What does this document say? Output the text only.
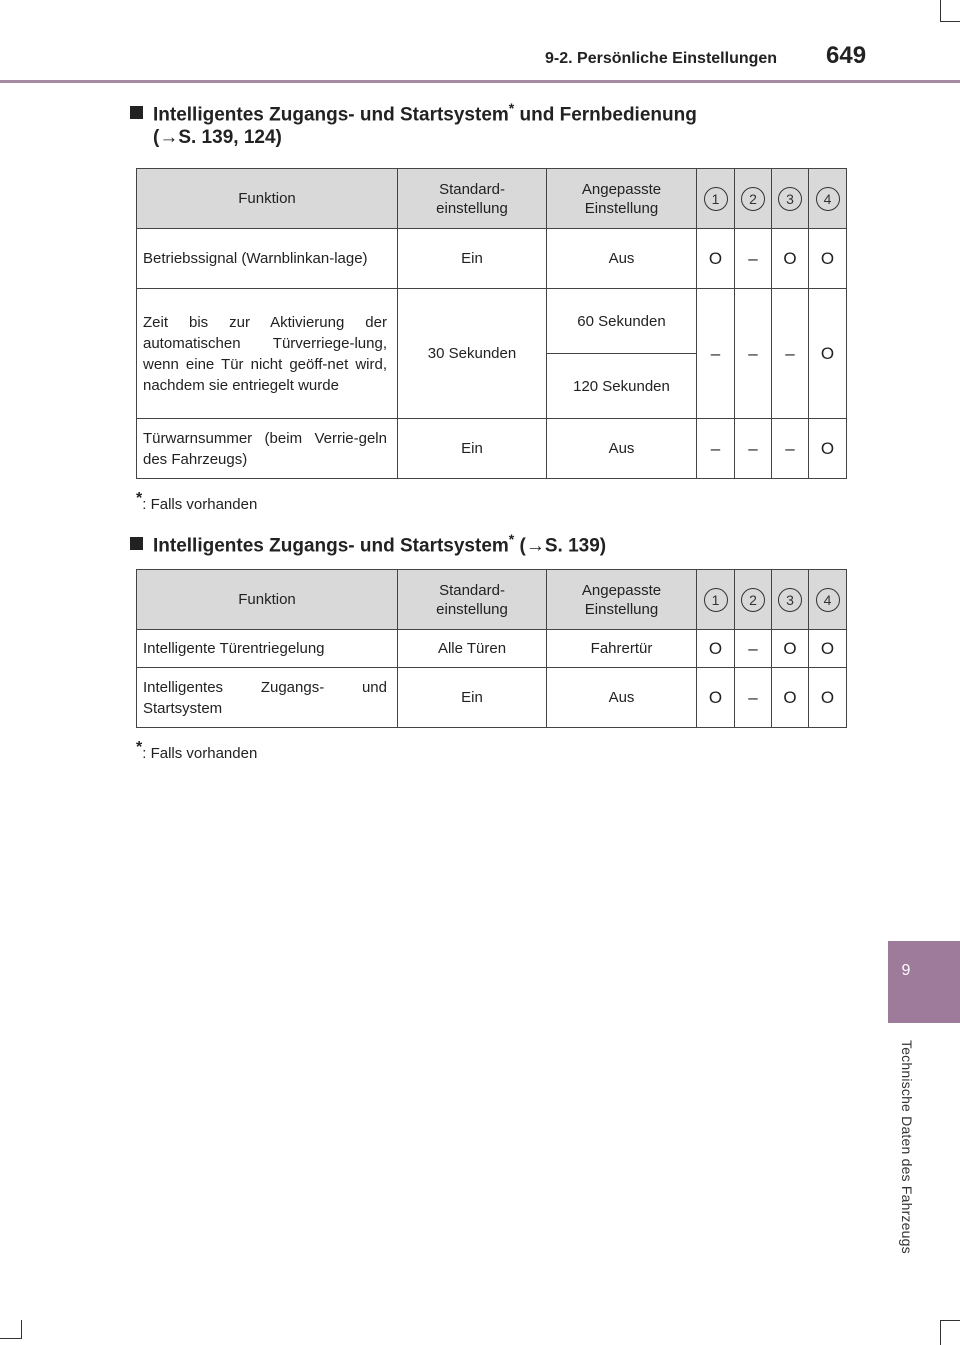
9-2. Persönliche Einstellungen 649
9
Technische Daten des Fahrzeugs
Intelligentes Zugangs- und Startsystem* und Fernbedienung
(→S. 139, 124)
Funktion	Standard-einstellung	Angepasste Einstellung	1	2	3	4
Betriebssignal (Warnblinkan-lage)	Ein	Aus	O	–	O	O
Zeit bis zur Aktivierung der automatischen Türverriege-lung, wenn eine Tür nicht geöff-net wird, nachdem sie entriegelt wurde	30 Sekunden	60 Sekunden	–	–	–	O
		120 Sekunden				
Türwarnsummer (beim Verrie-geln des Fahrzeugs)	Ein	Aus	–	–	–	O
*: Falls vorhanden
Intelligentes Zugangs- und Startsystem* (→S. 139)
Funktion	Standard-einstellung	Angepasste Einstellung	1	2	3	4
Intelligente Türentriegelung	Alle Türen	Fahrertür	O	–	O	O
Intelligentes Zugangs- und Startsystem	Ein	Aus	O	–	O	O
*: Falls vorhanden
